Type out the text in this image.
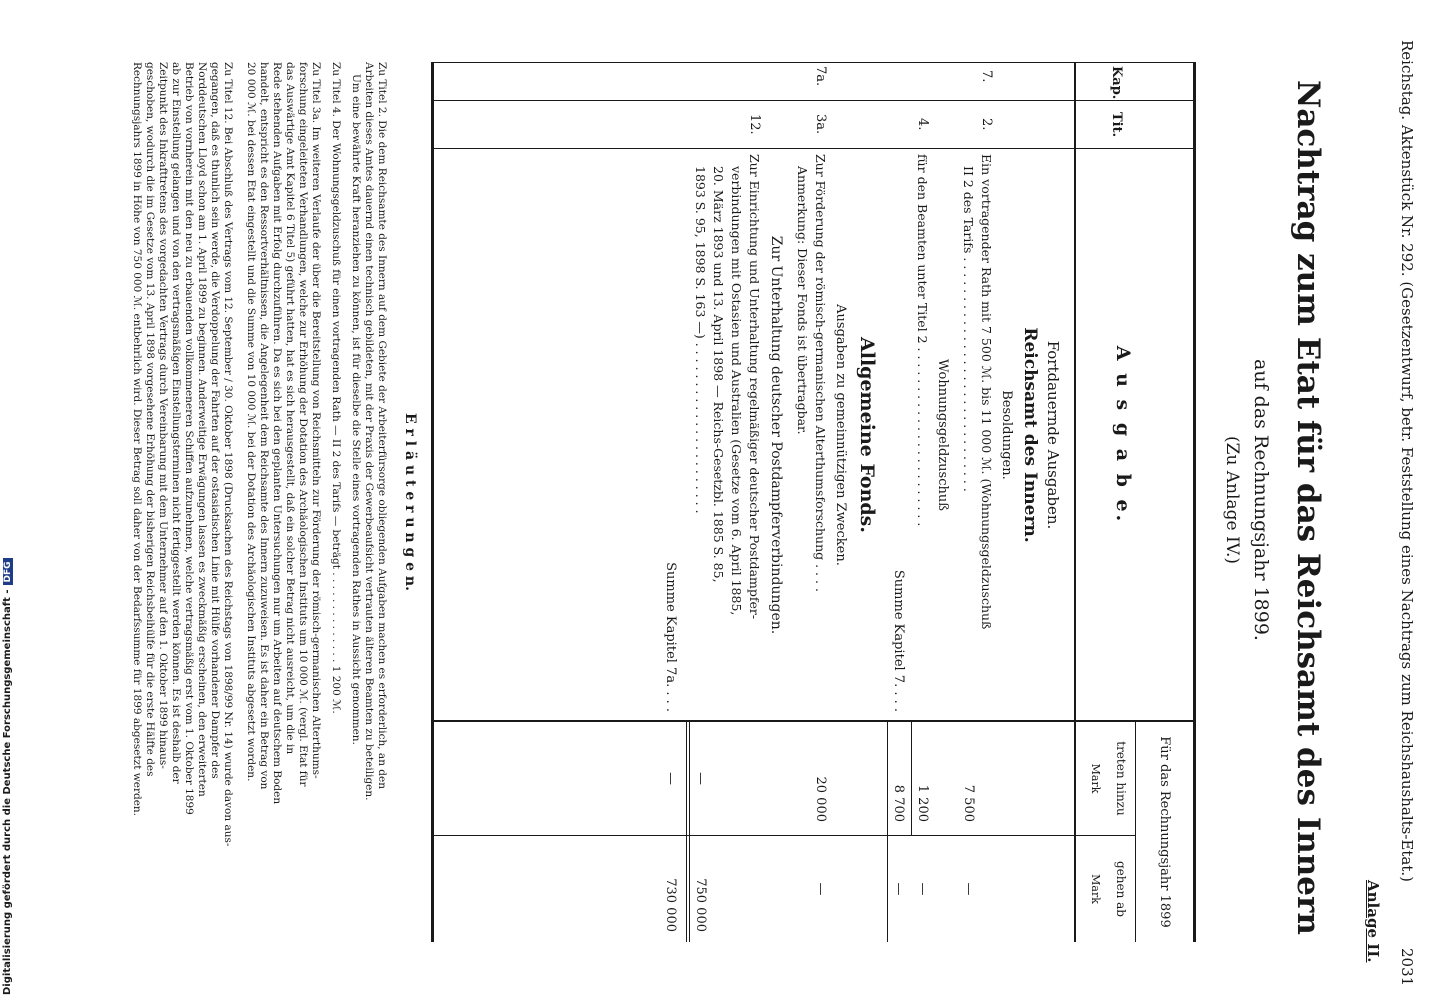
Reichstag. Aktenstück Nr. 292. (Gesetzentwurf, betr. Feststellung eines Nachtrags zum Reichshaushalts-Etat.)
2031
Anlage II.
Nachtrag zum Etat für das Reichsamt des Innern
auf das Rechnungsjahr 1899.
(Zu Anlage IV.)
Kap.
Tit.
A u s g a b e.
Für das Rechnungsjahr 1899
treten hinzu
gehen ab
Mark
Mark
Fortdauernde Ausgaben.
Reichsamt des Innern.
Besoldungen.
7.
2.
Ein vortragender Rath mit 7 500 ℳ. bis 11 000 ℳ. (Wohnungsgeldzuschuß
II 2 des Tarifs . . . . . . . . . . . . . . . . . . . . . . . . . . . . . .
7 500
—
Wohnungsgeldzuschuß
4.
für den Beamten unter Titel 2 . . . . . . . . . . . . . . . . . . . . . . .
1 200
—
Summe Kapitel 7. . . .
8 700
—
Allgemeine Fonds.
Ausgaben zu gemeinnützigen Zwecken.
7a.
3a.
Zur Förderung der römisch-germanischen Alterthumsforschung . . . .
Anmerkung: Dieser Fonds ist übertragbar.
20 000
—
Zur Unterhaltung deutscher Postdampferverbindungen.
12.
Zur Einrichtung und Unterhaltung regelmäßiger deutscher Postdampfer-
verbindungen mit Ostasien und Australien (Gesetze vom 6. April 1885,
20. März 1893 und 13. April 1898 — Reichs-Gesetzbl. 1885 S. 85,
1893 S. 95, 1898 S. 163 —) . . . . . . . . . . . . . . . . . . . . . .
—
750 000
Summe Kapitel 7a. . . .
—
730 000
E r l ä u t e r u n g e n.
Zu Titel 2. Die dem Reichsamte des Innern auf dem Gebiete der Arbeiterfürsorge obliegenden Aufgaben machen es erforderlich, an den
Arbeiten dieses Amtes dauernd einen technisch gebildeten, mit der Praxis der Gewerbeaufsicht vertrauten älteren Beamten zu beteiligen.
Um eine bewährte Kraft heranziehen zu können, ist für dieselbe die Stelle eines vortragenden Rathes in Aussicht genommen.
Zu Titel 4. Der Wohnungsgeldzuschuß für einen vortragenden Rath — II 2 des Tarifs — beträgt . . . . . . . . . . . . . . 1 200 ℳ.
Zu Titel 3a. Im weiteren Verlaufe der über die Bereitstellung von Reichsmitteln zur Förderung der römisch-germanischen Alterthums-
forschung eingeleiteten Verhandlungen, welche zur Erhöhung der Dotation des Archäologischen Instituts um 10 000 ℳ. (vergl. Etat für
das Auswärtige Amt Kapitel 6 Titel 5) geführt hatten, hat es sich herausgestellt, daß ein solcher Betrag nicht ausreicht, um die in
Rede stehenden Aufgaben mit Erfolg durchzuführen. Da es sich bei den geplanten Untersuchungen nur um Arbeiten auf deutschem Boden
handelt, entspricht es den Ressortverhältnissen, die Angelegenheit dem Reichsamte des Innern zuzuweisen. Es ist daher ein Betrag von
20 000 ℳ. bei dessen Etat eingestellt und die Summe von 10 000 ℳ. bei der Dotation des Archäologischen Instituts abgesetzt worden.
Zu Titel 12. Bei Abschluß des Vertrags vom 12. September / 30. Oktober 1898 (Drucksachen des Reichstags von 1898/99 Nr. 14) wurde davon aus-
gegangen, daß es thunlich sein werde, die Verdoppelung der Fahrten auf der ostasiatischen Linie mit Hülfe vorhandener Dampfer des
Norddeutschen Lloyd schon am 1. April 1899 zu beginnen. Anderweitige Erwägungen lassen es zweckmäßig erscheinen, den erweiterten
Betrieb von vornherein mit den neu zu erbauenden vollkommeneren Schiffen aufzunehmen, welche vertragsmäßig erst vom 1. Oktober 1899
ab zur Einstellung gelangen und von den vertragsmäßigen Einstellungsterminen nicht fertiggestellt werden können. Es ist deshalb der
Zeitpunkt des Inkrafttretens des vorgedachten Vertrags durch Vereinbarung mit dem Unternehmer auf den 1. Oktober 1899 hinaus-
geschoben, wodurch die im Gesetze vom 13. April 1898 vorgesehene Erhöhung der bisherigen Reichsbeihülfe für die erste Hälfte des
Rechnungsjahrs 1899 in Höhe von 750 000 ℳ. entbehrlich wird. Dieser Betrag soll daher von der Bedarfssumme für 1899 abgesetzt werden.
Digitalisierung gefördert durch die Deutsche Forschungsgemeinschaft -DFG
